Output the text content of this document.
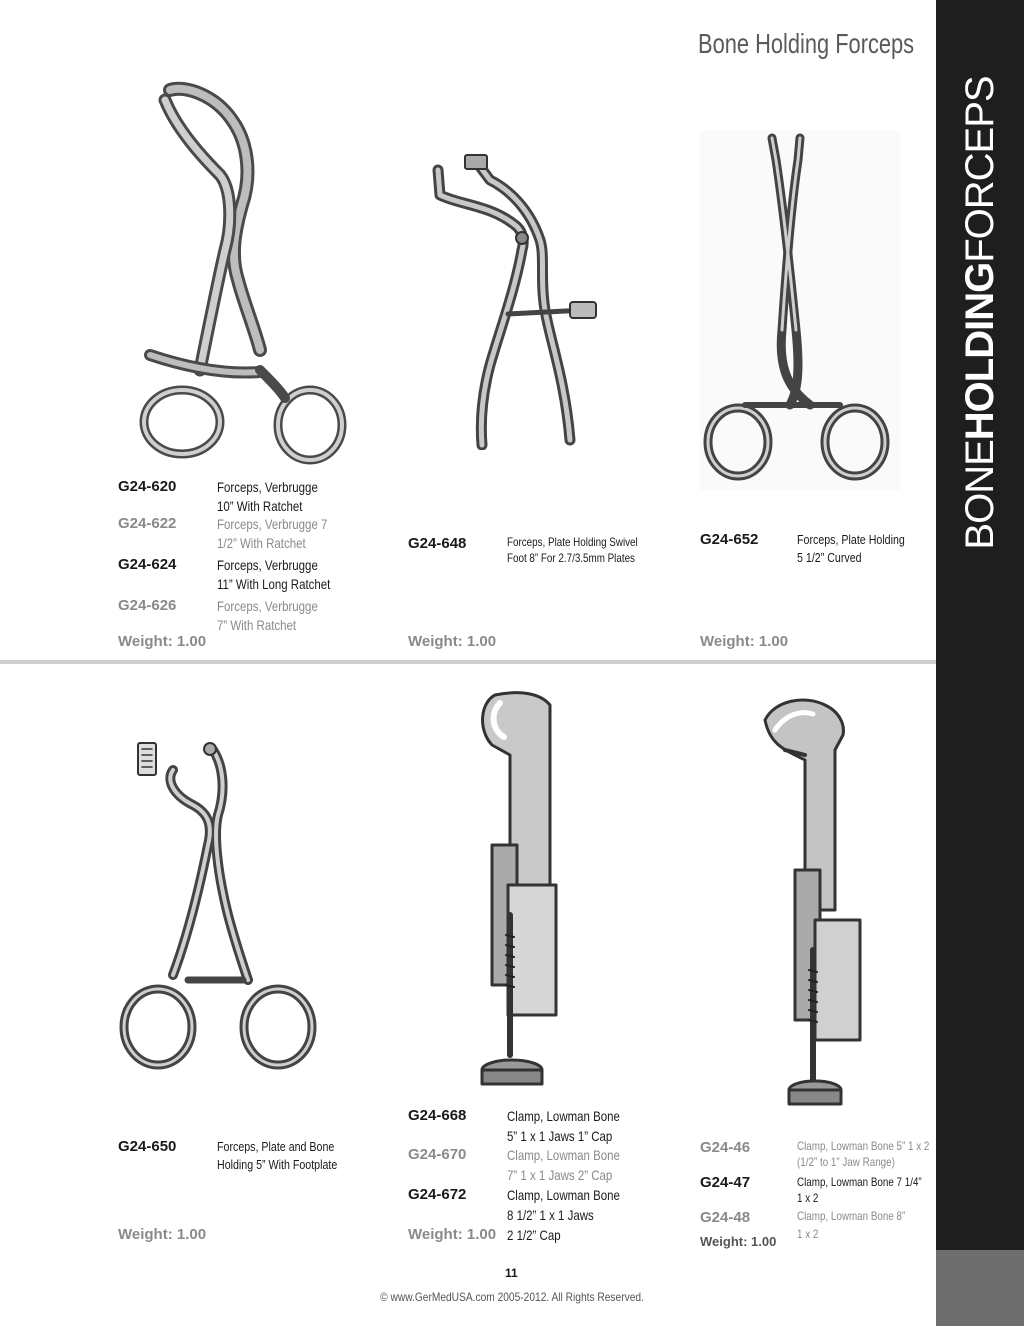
BONEHOLDINGFORCEPS
Bone Holding Forceps
G24-620	Forceps, Verbrugge
10” With Ratchet
G24-622	Forceps, Verbrugge 7
1/2” With Ratchet
G24-624	Forceps, Verbrugge
11” With Long Ratchet
G24-626	Forceps, Verbrugge
7” With Ratchet
Weight: 1.00
G24-648	Forceps, Plate Holding Swivel
Foot 8” For 2.7/3.5mm Plates
Weight: 1.00
G24-652	Forceps, Plate Holding
5 1/2” Curved
Weight: 1.00
G24-650	Forceps, Plate and Bone
Holding 5” With Footplate
Weight: 1.00
G24-668	Clamp, Lowman Bone
5” 1 x 1 Jaws 1” Cap
G24-670	Clamp, Lowman Bone
7” 1 x 1 Jaws 2” Cap
G24-672	Clamp, Lowman Bone
8 1/2” 1 x 1 Jaws
2 1/2” Cap
Weight: 1.00
G24-46	Clamp, Lowman Bone 5” 1 x 2
(1/2” to 1” Jaw Range)
G24-47	Clamp, Lowman Bone 7 1/4”
1 x 2
G24-48	Clamp, Lowman Bone 8”
1 x 2
Weight: 1.00
11
© www.GerMedUSA.com 2005-2012. All Rights Reserved.
